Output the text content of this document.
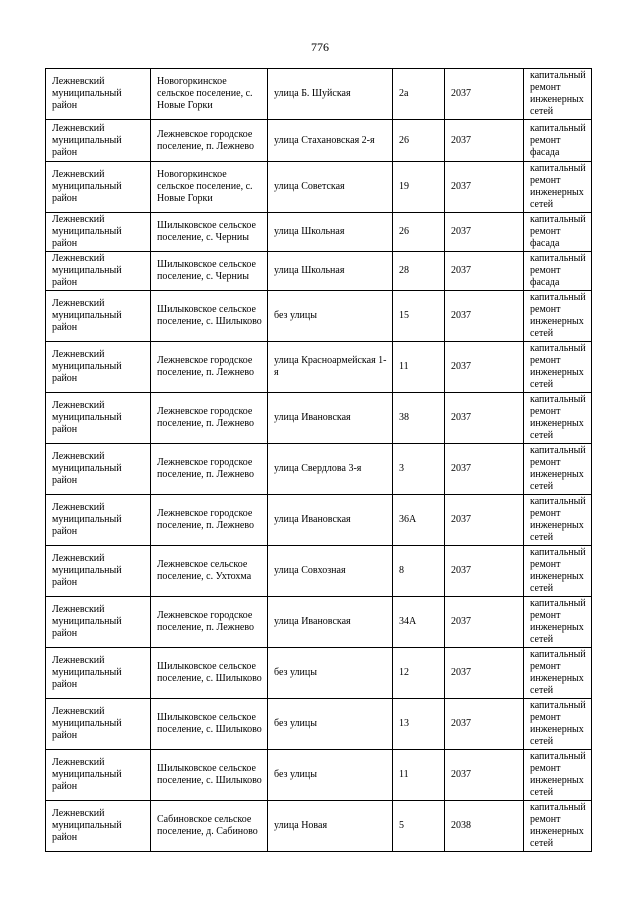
776
Лежневский муниципальный район	Новогоркинское сельское поселение, с. Новые Горки	улица Б. Шуйская	2а	2037	капитальный ремонт инженерных сетей
Лежневский муниципальный район	Лежневское городское поселение, п. Лежнево	улица Стахановская 2-я	26	2037	капитальный ремонт фасада
Лежневский муниципальный район	Новогоркинское сельское поселение, с. Новые Горки	улица Советская	19	2037	капитальный ремонт инженерных сетей
Лежневский муниципальный район	Шилыковское сельское поселение, с. Черниы	улица Школьная	26	2037	капитальный ремонт фасада
Лежневский муниципальный район	Шилыковское сельское поселение, с. Черниы	улица Школьная	28	2037	капитальный ремонт фасада
Лежневский муниципальный район	Шилыковское сельское поселение, с. Шилыково	без улицы	15	2037	капитальный ремонт инженерных сетей
Лежневский муниципальный район	Лежневское городское поселение, п. Лежнево	улица Красноармейская 1-я	11	2037	капитальный ремонт инженерных сетей
Лежневский муниципальный район	Лежневское городское поселение, п. Лежнево	улица Ивановская	38	2037	капитальный ремонт инженерных сетей
Лежневский муниципальный район	Лежневское городское поселение, п. Лежнево	улица Свердлова 3-я	3	2037	капитальный ремонт инженерных сетей
Лежневский муниципальный район	Лежневское городское поселение, п. Лежнево	улица Ивановская	36А	2037	капитальный ремонт инженерных сетей
Лежневский муниципальный район	Лежневское сельское поселение, с. Ухтохма	улица Совхозная	8	2037	капитальный ремонт инженерных сетей
Лежневский муниципальный район	Лежневское городское поселение, п. Лежнево	улица Ивановская	34А	2037	капитальный ремонт инженерных сетей
Лежневский муниципальный район	Шилыковское сельское поселение, с. Шилыково	без улицы	12	2037	капитальный ремонт инженерных сетей
Лежневский муниципальный район	Шилыковское сельское поселение, с. Шилыково	без улицы	13	2037	капитальный ремонт инженерных сетей
Лежневский муниципальный район	Шилыковское сельское поселение, с. Шилыково	без улицы	11	2037	капитальный ремонт инженерных сетей
Лежневский муниципальный район	Сабиновское сельское поселение, д. Сабиново	улица Новая	5	2038	капитальный ремонт инженерных сетей
